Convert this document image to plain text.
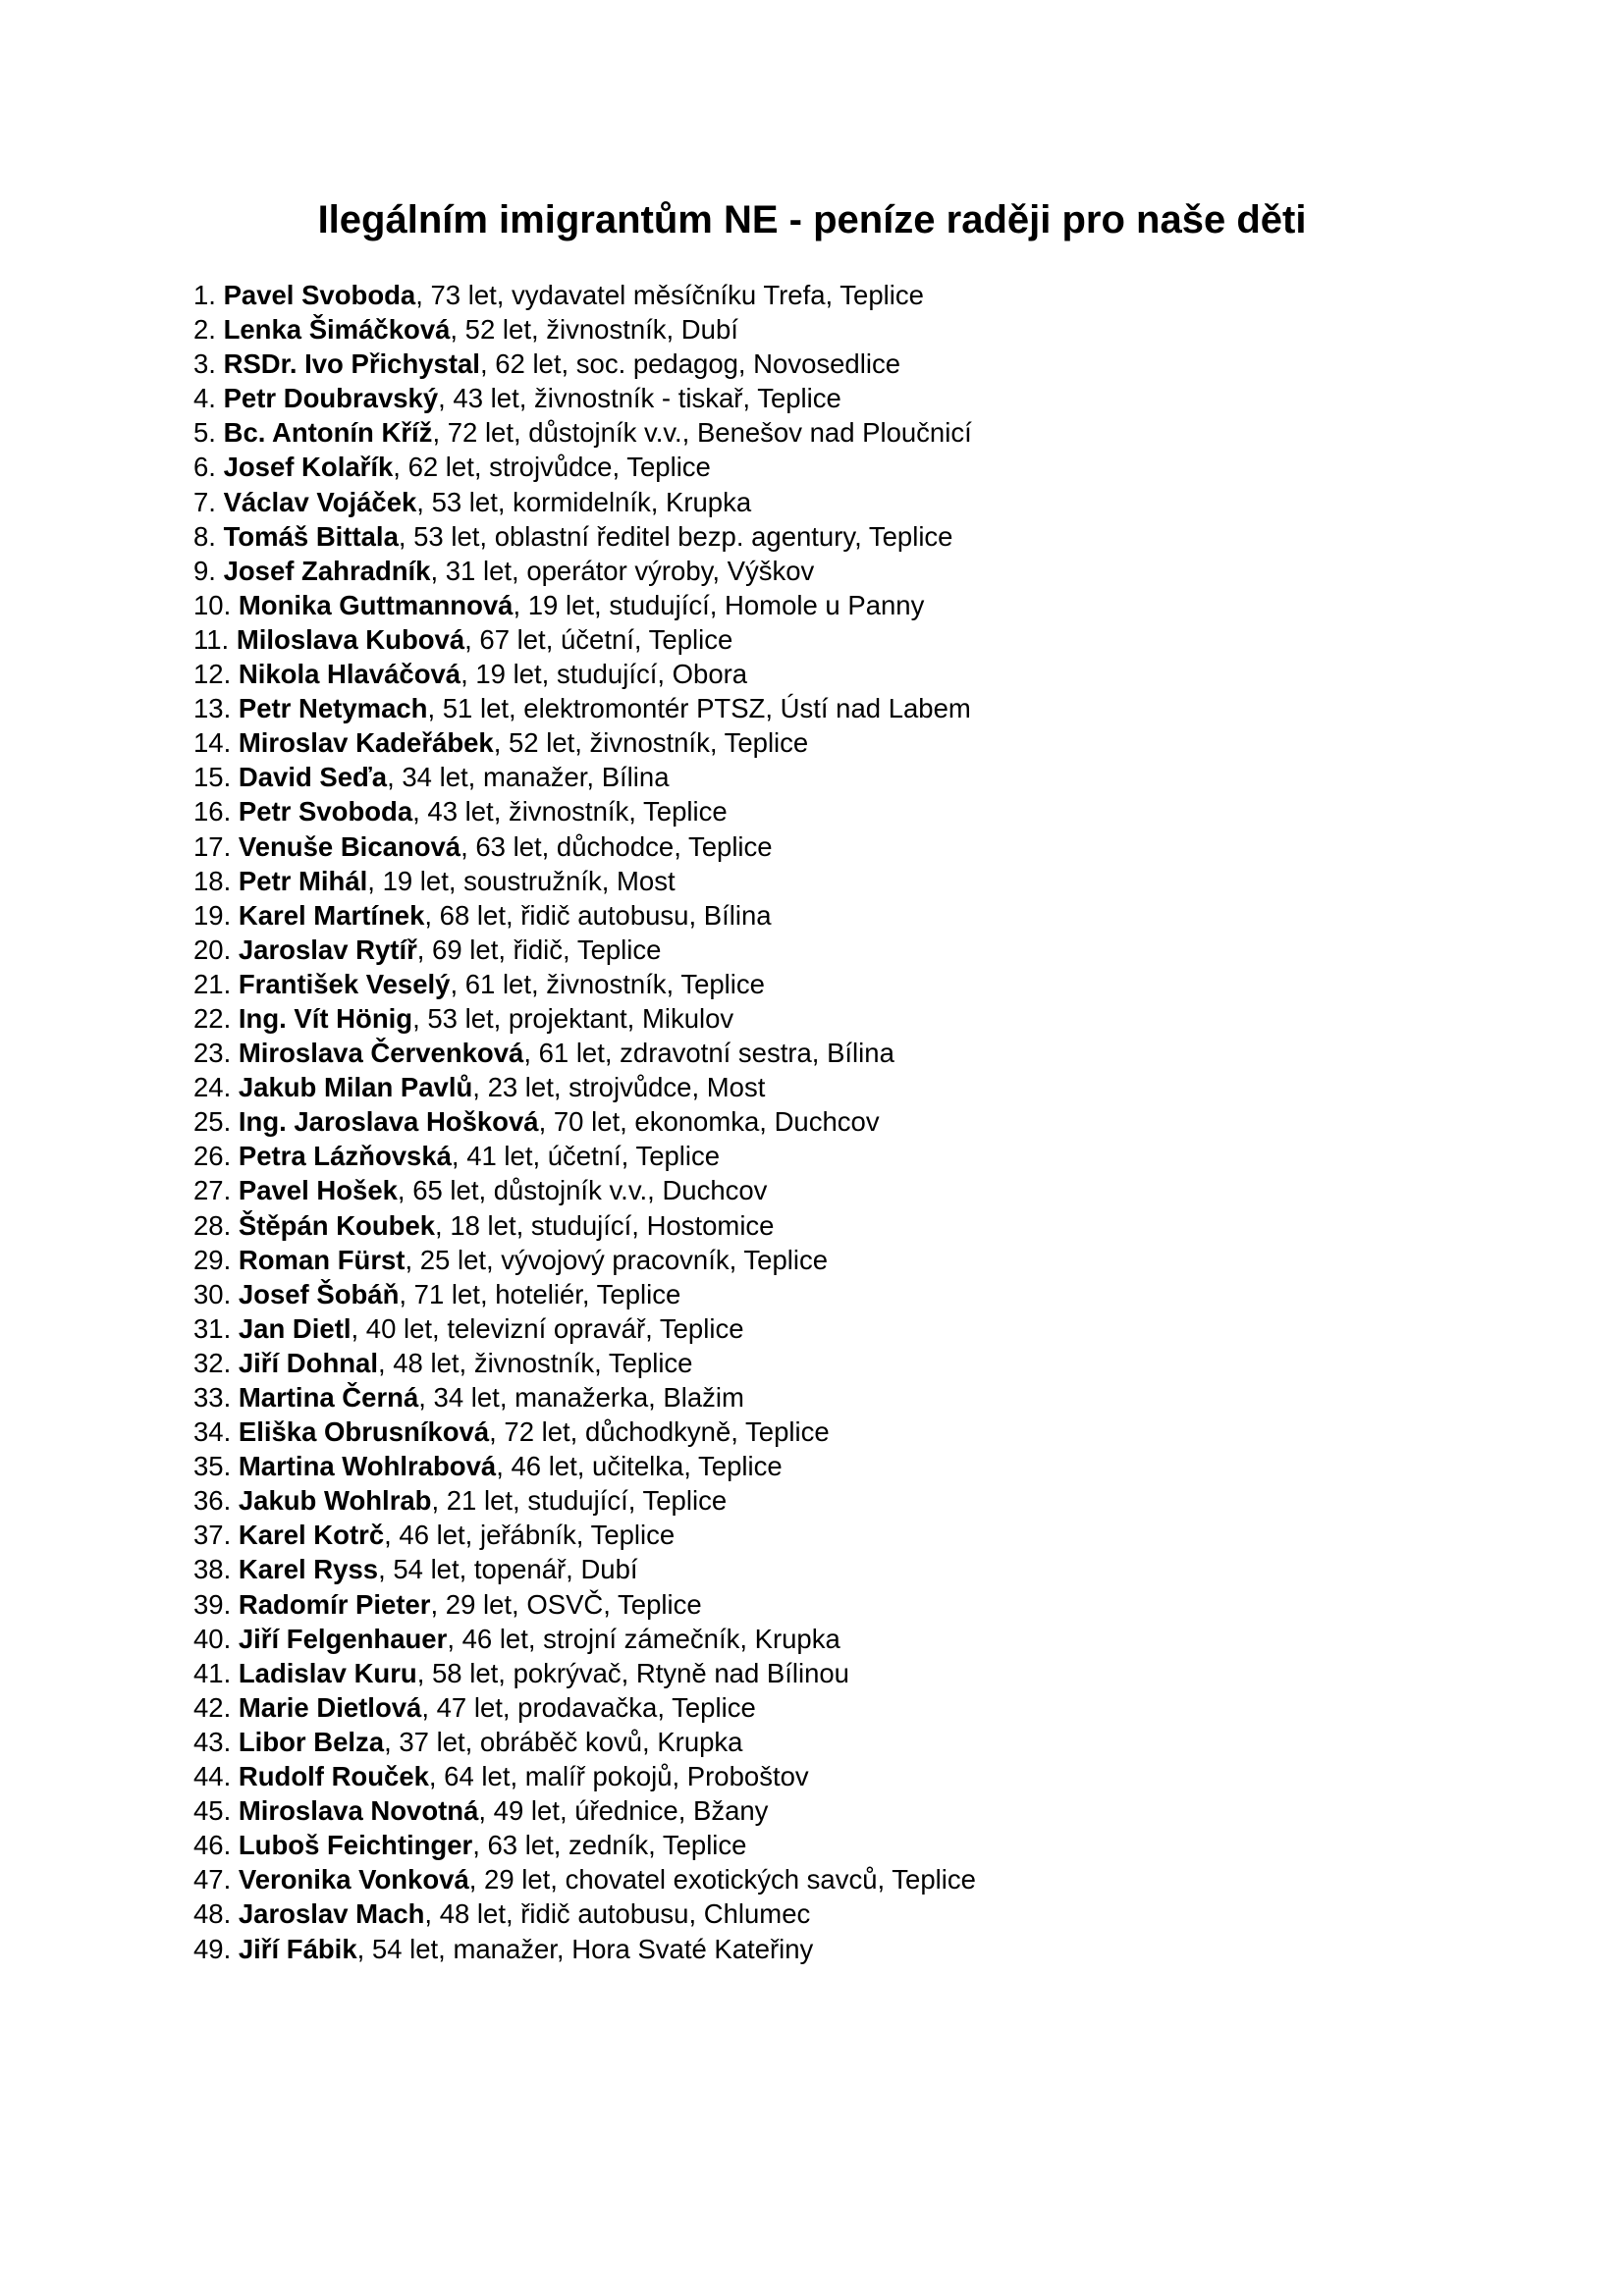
Ilegálním imigrantům NE - peníze raději pro naše děti
1. Pavel Svoboda, 73 let, vydavatel měsíčníku Trefa, Teplice
2. Lenka Šimáčková, 52 let, živnostník, Dubí
3. RSDr. Ivo Přichystal, 62 let, soc. pedagog, Novosedlice
4. Petr Doubravský, 43 let, živnostník - tiskař, Teplice
5. Bc. Antonín Kříž, 72 let, důstojník v.v., Benešov nad Ploučnicí
6. Josef Kolařík, 62 let, strojvůdce, Teplice
7. Václav Vojáček, 53 let, kormidelník, Krupka
8. Tomáš Bittala, 53 let, oblastní ředitel bezp. agentury, Teplice
9. Josef Zahradník, 31 let, operátor výroby, Výškov
10. Monika Guttmannová, 19 let, studující, Homole u Panny
11. Miloslava Kubová, 67 let, účetní, Teplice
12. Nikola Hlaváčová, 19 let, studující, Obora
13. Petr Netymach, 51 let, elektromontér PTSZ, Ústí nad Labem
14. Miroslav Kadeřábek, 52 let, živnostník, Teplice
15. David Seďa, 34 let, manažer, Bílina
16. Petr Svoboda, 43 let, živnostník, Teplice
17. Venuše Bicanová, 63 let, důchodce, Teplice
18. Petr Mihál, 19 let, soustružník, Most
19. Karel Martínek, 68 let, řidič autobusu, Bílina
20. Jaroslav Rytíř, 69 let, řidič, Teplice
21. František Veselý, 61 let, živnostník, Teplice
22. Ing. Vít Hönig, 53 let, projektant, Mikulov
23. Miroslava Červenková, 61 let, zdravotní sestra, Bílina
24. Jakub Milan Pavlů, 23 let, strojvůdce, Most
25. Ing. Jaroslava Hošková, 70 let, ekonomka, Duchcov
26. Petra Lázňovská, 41 let, účetní, Teplice
27. Pavel Hošek, 65 let, důstojník v.v., Duchcov
28. Štěpán Koubek, 18 let, studující, Hostomice
29. Roman Fürst, 25 let, vývojový pracovník, Teplice
30. Josef Šobáň, 71 let, hoteliér, Teplice
31. Jan Dietl, 40 let, televizní opravář, Teplice
32. Jiří Dohnal, 48 let, živnostník, Teplice
33. Martina Černá, 34 let, manažerka, Blažim
34. Eliška Obrusníková, 72 let, důchodkyně, Teplice
35. Martina Wohlrabová, 46 let, učitelka, Teplice
36. Jakub Wohlrab, 21 let, studující, Teplice
37. Karel Kotrč, 46 let, jeřábník, Teplice
38. Karel Ryss, 54 let, topenář, Dubí
39. Radomír Pieter, 29 let, OSVČ, Teplice
40. Jiří Felgenhauer, 46 let, strojní zámečník, Krupka
41. Ladislav Kuru, 58 let, pokrývač, Rtyně nad Bílinou
42. Marie Dietlová, 47 let, prodavačka, Teplice
43. Libor Belza, 37 let, obráběč kovů, Krupka
44. Rudolf Rouček, 64 let, malíř pokojů, Proboštov
45. Miroslava Novotná, 49 let, úřednice, Bžany
46. Luboš Feichtinger, 63 let, zedník, Teplice
47. Veronika Vonková, 29 let, chovatel exotických savců, Teplice
48. Jaroslav Mach, 48 let, řidič autobusu, Chlumec
49. Jiří Fábik, 54 let, manažer, Hora Svaté Kateřiny
